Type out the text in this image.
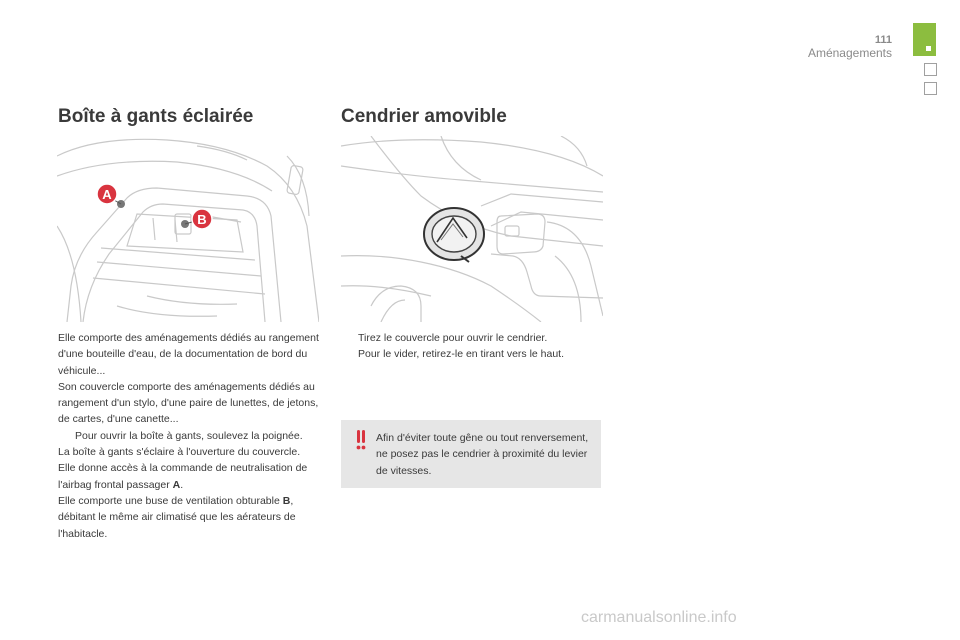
111
Aménagements
Boîte à gants éclairée
A
B

Elle comporte des aménagements dédiés au rangement d'une bouteille d'eau, de la documentation de bord du véhicule...

Son couvercle comporte des aménagements dédiés au rangement d'un stylo, d'une paire de lunettes, de jetons, de cartes, d'une canette...

Pour ouvrir la boîte à gants, soulevez la poignée.

La boîte à gants s'éclaire à l'ouverture du couvercle.

Elle donne accès à la commande de neutralisation de l'airbag frontal passager A.

Elle comporte une buse de ventilation obturable B, débitant le même air climatisé que les aérateurs de l'habitacle.

Cendrier amovible
Tirez le couvercle pour ouvrir le cendrier.
Pour le vider, retirez-le en tirant vers le haut.
Afin d'éviter toute gêne ou tout renversement, ne posez pas le cendrier à proximité du levier de vitesses.
carmanualsonline.info
